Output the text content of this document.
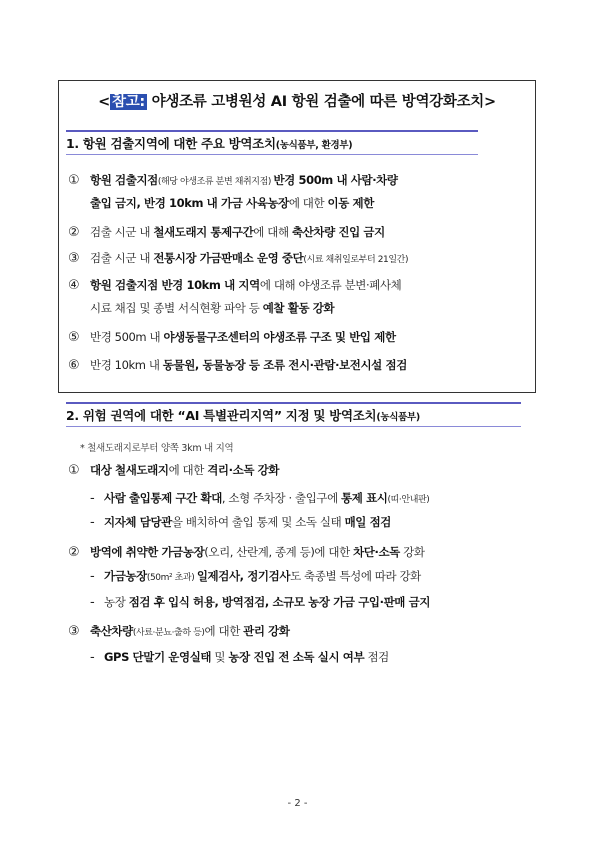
< 참고: 야생조류 고병원성 AI 항원 검출에 따른 방역강화조치>
1. 항원 검출지역에 대한 주요 방역조치(농식품부, 환경부)
① 항원 검출지점(해당 야생조류 분변 채취지점) 반경 500m 내 사람·차량
출입 금지, 반경 10km 내 가금 사육농장에 대한 이동 제한
② 검출 시군 내 철새도래지 통제구간에 대해 축산차량 진입 금지
③ 검출 시군 내 전통시장 가금판매소 운영 중단(시료 채취일로부터 21일간)
④ 항원 검출지점 반경 10km 내 지역에 대해 야생조류 분변·폐사체
시료 채집 및 종별 서식현황 파악 등 예찰 활동 강화
⑤ 반경 500m 내 야생동물구조센터의 야생조류 구조 및 반입 제한
⑥ 반경 10km 내 동물원, 동물농장 등 조류 전시·관람·보전시설 점검
2. 위험 권역에 대한 “AI 특별관리지역” 지정 및 방역조치(농식품부)
* 철새도래지로부터 양쪽 3km 내 지역
① 대상 철새도래지에 대한 격리·소독 강화
- 사람 출입통제 구간 확대, 소형 주차장 · 출입구에 통제 표시(띠·안내판)
- 지자체 담당관을 배치하여 출입 통제 및 소독 실태 매일 점검
② 방역에 취약한 가금농장(오리, 산란계, 종계 등)에 대한 차단·소독 강화
- 가금농장(50m² 초과) 일제검사, 정기검사도 축종별 특성에 따라 강화
- 농장 점검 후 입식 허용, 방역점검, 소규모 농장 가금 구입·판매 금지
③ 축산차량(사료·분뇨·출하 등)에 대한 관리 강화
- GPS 단말기 운영실태 및 농장 진입 전 소독 실시 여부 점검
- 2 -
